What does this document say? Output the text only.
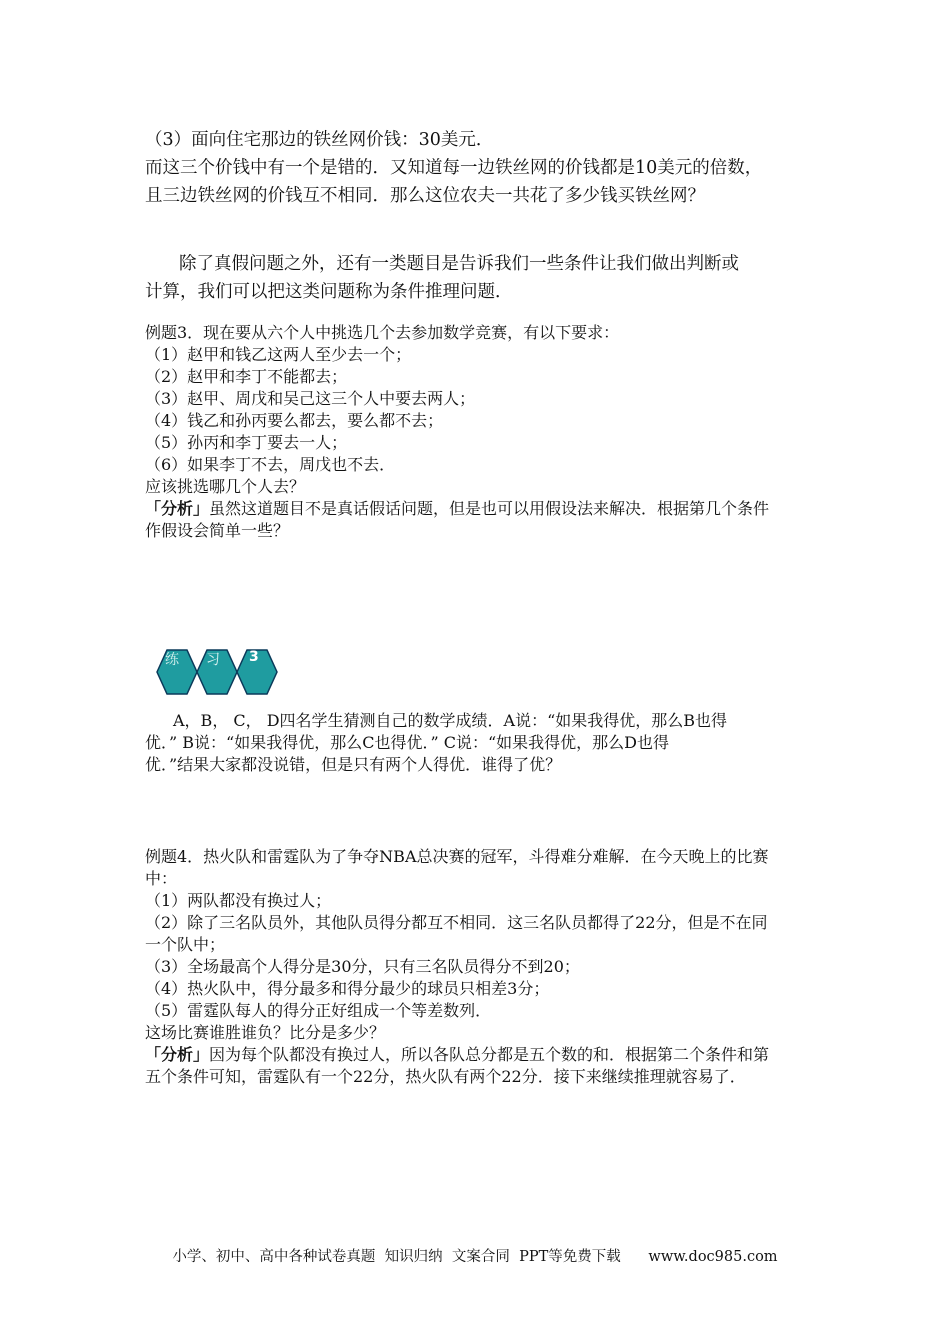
（3）面向住宅那边的铁丝网价钱：30美元．
而这三个价钱中有一个是错的．又知道每一边铁丝网的价钱都是10美元的倍数，
且三边铁丝网的价钱互不相同．那么这位农夫一共花了多少钱买铁丝网？
除了真假问题之外，还有一类题目是告诉我们一些条件让我们做出判断或
计算，我们可以把这类问题称为条件推理问题．
例题3．现在要从六个人中挑选几个去参加数学竞赛，有以下要求：
（1）赵甲和钱乙这两人至少去一个；
（2）赵甲和李丁不能都去；
（3）赵甲、周戊和吴己这三个人中要去两人；
（4）钱乙和孙丙要么都去，要么都不去；
（5）孙丙和李丁要去一人；
（6）如果李丁不去，周戊也不去．
应该挑选哪几个人去？
「分析」虽然这道题目不是真话假话问题，但是也可以用假设法来解决．根据第几个条件
作假设会简单一些？
练 习 3
A，B， C， D四名学生猜测自己的数学成绩．A说：“如果我得优，那么B也得
优．” B说：“如果我得优，那么C也得优．” C说：“如果我得优，那么D也得
优．”结果大家都没说错，但是只有两个人得优．谁得了优？
例题4．热火队和雷霆队为了争夺NBA总决赛的冠军，斗得难分难解．在今天晚上的比赛
中：
（1）两队都没有换过人；
（2）除了三名队员外，其他队员得分都互不相同．这三名队员都得了22分，但是不在同
一个队中；
（3）全场最高个人得分是30分，只有三名队员得分不到20；
（4）热火队中，得分最多和得分最少的球员只相差3分；
（5）雷霆队每人的得分正好组成一个等差数列．
这场比赛谁胜谁负？比分是多少？
「分析」因为每个队都没有换过人，所以各队总分都是五个数的和．根据第二个条件和第
五个条件可知，雷霆队有一个22分，热火队有两个22分．接下来继续推理就容易了．
小学、初中、高中各种试卷真题  知识归纳  文案合同  PPT等免费下载      www.doc985.com
